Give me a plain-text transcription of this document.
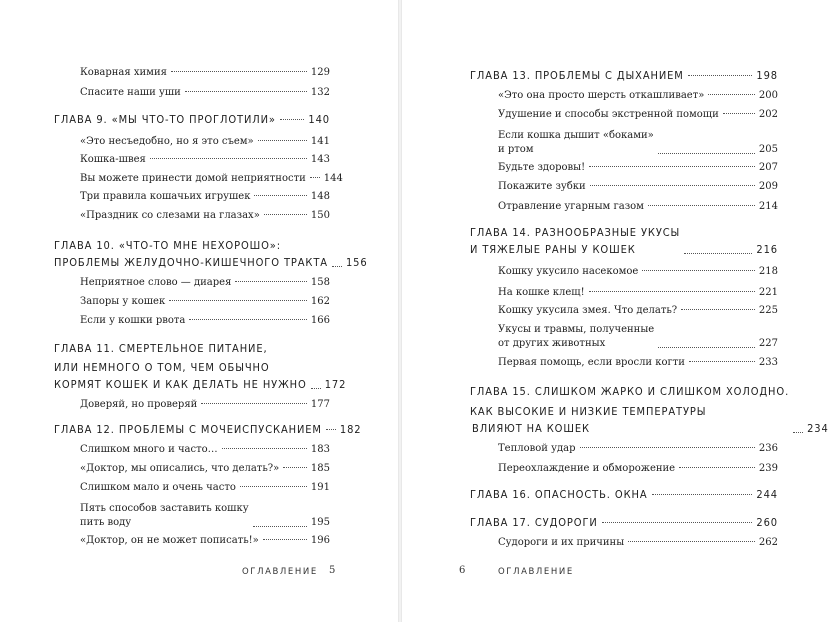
Коварная химия	129
Спасите наши уши	132
ГЛАВА 9. «МЫ ЧТО-ТО ПРОГЛОТИЛИ»	140
«Это несъедобно, но я это съем»	141
Кошка-швея	143
Вы можете принести домой неприятности 144
Три правила кошачьих игрушек	148
«Праздник со слезами на глазах»	150
ГЛАВА 10. «ЧТО-ТО МНЕ НЕХОРОШО»:
ПРОБЛЕМЫ ЖЕЛУДОЧНО-КИШЕЧНОГО ТРАКТА 156
Неприятное слово — диарея	158
Запоры у кошек	162
Если у кошки рвота	166
ГЛАВА 11. СМЕРТЕЛЬНОЕ ПИТАНИЕ,
ИЛИ НЕМНОГО О ТОМ, ЧЕМ ОБЫЧНО
КОРМЯТ КОШЕК И КАК ДЕЛАТЬ НЕ НУЖНО 172
Доверяй, но проверяй	177
ГЛАВА 12. ПРОБЛЕМЫ С МОЧЕИСПУСКАНИЕМ 182
Слишком много и часто…	183
«Доктор, мы описались, что делать?»	185
Слишком мало и очень часто	191
Пять способов заставить кошку
пить воду	195
«Доктор, он не может пописать!»	196
ОГЛАВЛЕНИЕ 5
ГЛАВА 13. ПРОБЛЕМЫ С ДЫХАНИЕМ	198
«Это она просто шерсть откашливает»	200
Удушение и способы экстренной помощи	202
Если кошка дышит «боками»
и ртом	205
Будьте здоровы!	207
Покажите зубки	209
Отравление угарным газом	214
ГЛАВА 14. РАЗНООБРАЗНЫЕ УКУСЫ
И ТЯЖЕЛЫЕ РАНЫ У КОШЕК	216
Кошку укусило насекомое	218
На кошке клещ!	221
Кошку укусила змея. Что делать?	225
Укусы и травмы, полученные
от других животных	227
Первая помощь, если вросли когти	233
ГЛАВА 15. СЛИШКОМ ЖАРКО И СЛИШКОМ ХОЛОДНО.
КАК ВЫСОКИЕ И НИЗКИЕ ТЕМПЕРАТУРЫ
ВЛИЯЮТ НА КОШЕК	234
Тепловой удар	236
Переохлаждение и обморожение	239
ГЛАВА 16. ОПАСНОСТЬ. ОКНА	244
ГЛАВА 17. СУДОРОГИ	260
Судороги и их причины	262
6	ОГЛАВЛЕНИЕ
